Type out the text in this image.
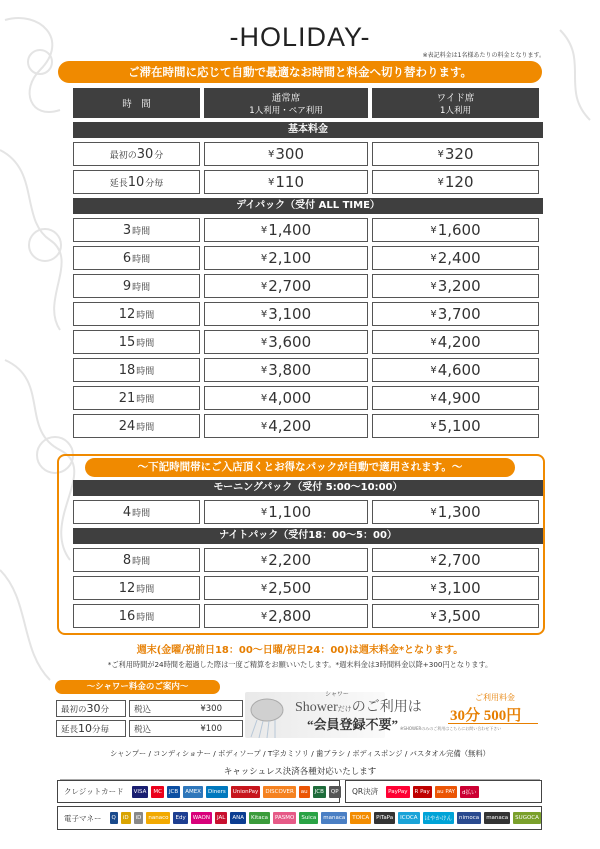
-HOLIDAY-
※表記料金は1名様あたりの料金となります。
ご滞在時間に応じて自動で最適なお時間と料金へ切り替わります。
時　間
通常席
1人利用・ペア利用
ワイド席
1人利用
基本料金
最初の 30 分	¥ 300	¥ 320
延長 10 分毎	¥ 110	¥ 120
デイパック（受付 ALL TIME）
3 時間	¥ 1,400	¥ 1,600
6 時間	¥ 2,100	¥ 2,400
9 時間	¥ 2,700	¥ 3,200
12 時間	¥ 3,100	¥ 3,700
15 時間	¥ 3,600	¥ 4,200
18 時間	¥ 3,800	¥ 4,600
21 時間	¥ 4,000	¥ 4,900
24 時間	¥ 4,200	¥ 5,100
〜下記時間帯にご入店頂くとお得なパックが自動で適用されます。〜
モーニングパック（受付 5:00〜10:00）
4 時間	¥ 1,100	¥ 1,300
ナイトパック（受付18：00〜5：00）
8 時間	¥ 2,200	¥ 2,700
12 時間	¥ 2,500	¥ 3,100
16 時間	¥ 2,800	¥ 3,500
週末(金曜/祝前日18：00〜日曜/祝日24：00)は週末料金*となります。
*ご利用時間が24時間を超過した際は一度ご精算をお願いいたします。*週末料金は3時間料金以降+300円となります。
〜シャワー料金のご案内〜
最初の 30 分	税込	¥300
延長 10 分毎	税込	¥100
シャワー
Showerだけのご利用は
“会員登録不要”
ご利用料金
30分 500円
※SHOWERのみのご利用はこちらにお問い合わせ下さい
シャンプー / コンディショナー / ボディソープ / T字カミソリ / 歯ブラシ / ボディスポンジ / バスタオル完備（無料）
キャッシュレス決済各種対応いたします
クレジットカード	VISA	MC	JCB	AMEX	Diners	UnionPay	DISCOVER	au	JCB	QP QR決済	PayPay	R Pay	au PAY	d払い
電子マネー	Q	iD	iD	nanaco	Edy	WAON	JAL	ANA	Kitaca	PASMO	Suica	manaca	TOICA	PiTaPa	ICOCA	はやかけん	nimoca	manaca	SUGOCA
